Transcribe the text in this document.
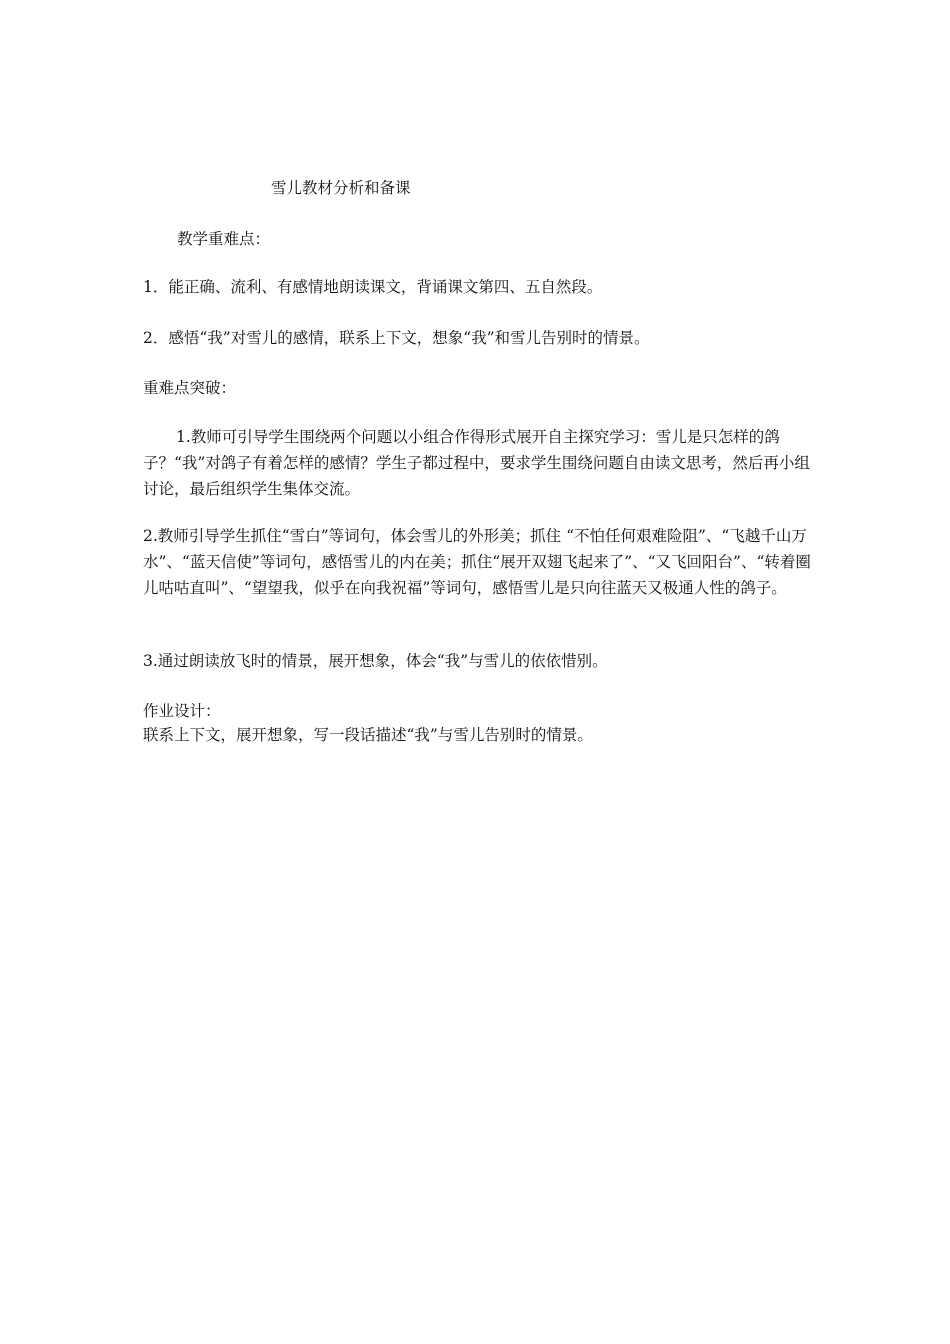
雪儿教材分析和备课

教学重难点：

1．能正确、流利、有感情地朗读课文，背诵课文第四、五自然段。

2．感悟“我”对雪儿的感情，联系上下文，想象“我”和雪儿告别时的情景。

重难点突破：

1.教师可引导学生围绕两个问题以小组合作得形式展开自主探究学习：雪儿是只怎样的鸽子？“我”对鸽子有着怎样的感情？学生子都过程中，要求学生围绕问题自由读文思考，然后再小组讨论，最后组织学生集体交流。

2.教师引导学生抓住“雪白”等词句，体会雪儿的外形美；抓住 “不怕任何艰难险阻”、“飞越千山万水”、“蓝天信使”等词句，感悟雪儿的内在美；抓住“展开双翅飞起来了”、“又飞回阳台”、“转着圈儿咕咕直叫”、“望望我，似乎在向我祝福”等词句，感悟雪儿是只向往蓝天又极通人性的鸽子。

3.通过朗读放飞时的情景，展开想象，体会“我”与雪儿的依依惜别。

作业设计：

联系上下文，展开想象，写一段话描述“我”与雪儿告别时的情景。
